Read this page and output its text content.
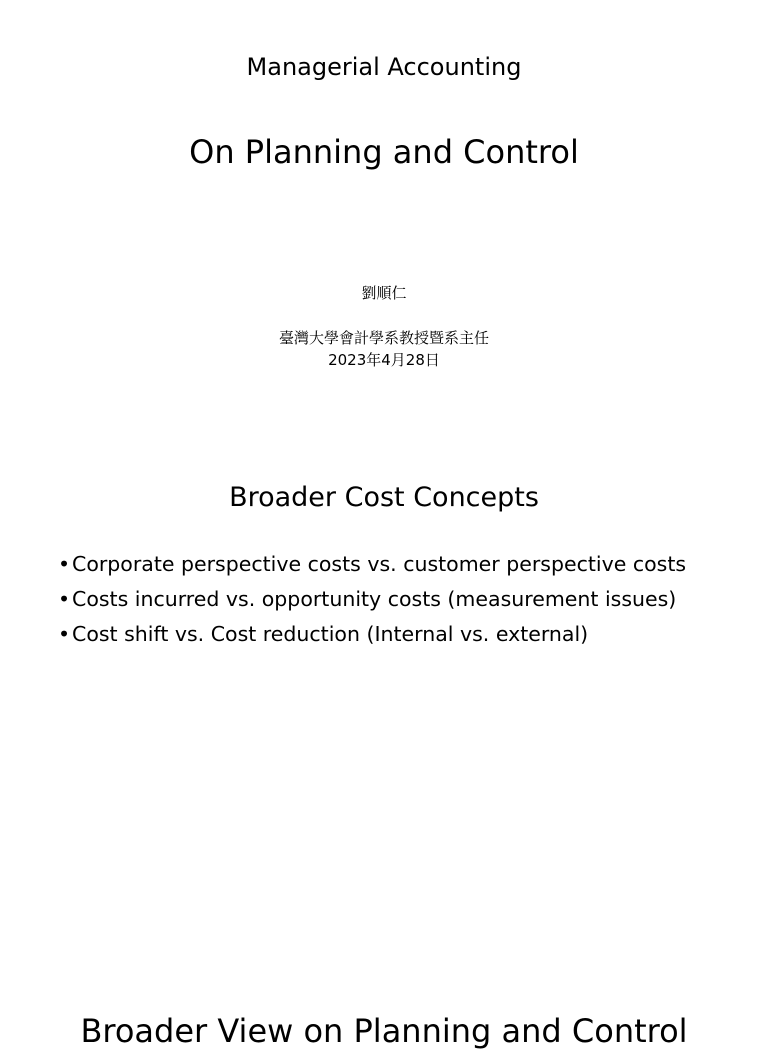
Managerial Accounting
On Planning and Control
劉順仁
臺灣大學會計學系教授暨系主任
2023年4月28日
Broader Cost Concepts
•Corporate perspective costs vs. customer perspective costs
•Costs incurred vs. opportunity costs (measurement issues)
•Cost shift vs. Cost reduction (Internal vs. external)
Broader View on Planning and Control
